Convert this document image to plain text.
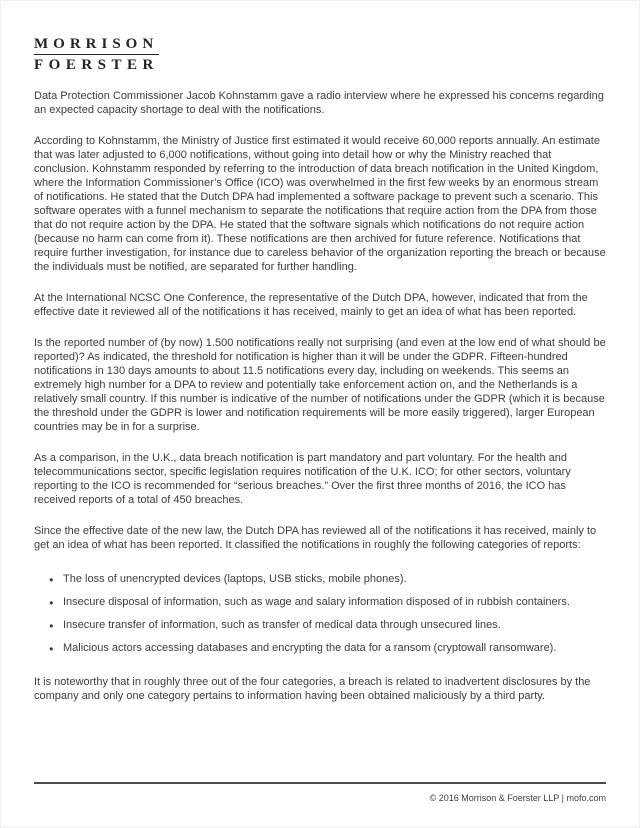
MORRISON
FOERSTER

Data Protection Commissioner Jacob Kohnstamm gave a radio interview where he expressed his concerns regarding an expected capacity shortage to deal with the notifications.

According to Kohnstamm, the Ministry of Justice first estimated it would receive 60,000 reports annually. An estimate that was later adjusted to 6,000 notifications, without going into detail how or why the Ministry reached that conclusion. Kohnstamm responded by referring to the introduction of data breach notification in the United Kingdom, where the Information Commissioner’s Office (ICO) was overwhelmed in the first few weeks by an enormous stream of notifications. He stated that the Dutch DPA had implemented a software package to prevent such a scenario. This software operates with a funnel mechanism to separate the notifications that require action from the DPA from those that do not require action by the DPA. He stated that the software signals which notifications do not require action (because no harm can come from it). These notifications are then archived for future reference. Notifications that require further investigation, for instance due to careless behavior of the organization reporting the breach or because the individuals must be notified, are separated for further handling.

At the International NCSC One Conference, the representative of the Dutch DPA, however, indicated that from the effective date it reviewed all of the notifications it has received, mainly to get an idea of what has been reported.

Is the reported number of (by now) 1.500 notifications really not surprising (and even at the low end of what should be reported)? As indicated, the threshold for notification is higher than it will be under the GDPR. Fifteen-hundred notifications in 130 days amounts to about 11.5 notifications every day, including on weekends. This seems an extremely high number for a DPA to review and potentially take enforcement action on, and the Netherlands is a relatively small country. If this number is indicative of the number of notifications under the GDPR (which it is because the threshold under the GDPR is lower and notification requirements will be more easily triggered), larger European countries may be in for a surprise.

As a comparison, in the U.K., data breach notification is part mandatory and part voluntary. For the health and telecommunications sector, specific legislation requires notification of the U.K. ICO; for other sectors, voluntary reporting to the ICO is recommended for “serious breaches.” Over the first three months of 2016, the ICO has received reports of a total of 450 breaches.

Since the effective date of the new law, the Dutch DPA has reviewed all of the notifications it has received, mainly to get an idea of what has been reported. It classified the notifications in roughly the following categories of reports:

● The loss of unencrypted devices (laptops, USB sticks, mobile phones).
● Insecure disposal of information, such as wage and salary information disposed of in rubbish containers.
● Insecure transfer of information, such as transfer of medical data through unsecured lines.
● Malicious actors accessing databases and encrypting the data for a ransom (cryptowall ransomware).

It is noteworthy that in roughly three out of the four categories, a breach is related to inadvertent disclosures by the company and only one category pertains to information having been obtained maliciously by a third party.

© 2016 Morrison & Foerster LLP | mofo.com
